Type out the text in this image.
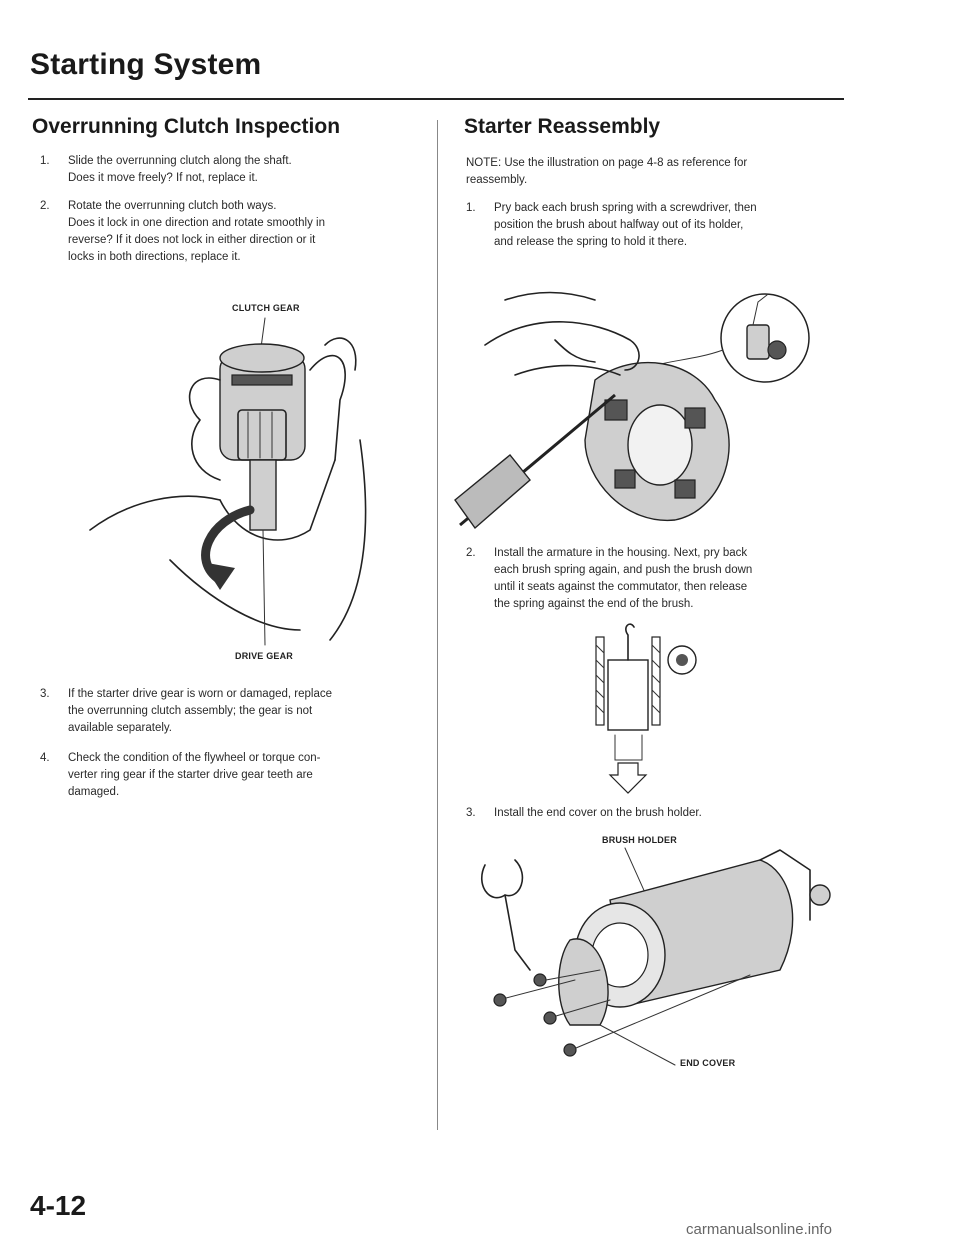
Starting System
Overrunning Clutch Inspection
1. Slide the overrunning clutch along the shaft.
Does it move freely? If not, replace it.
2. Rotate the overrunning clutch both ways.
Does it lock in one direction and rotate smoothly in
reverse? If it does not lock in either direction or it
locks in both directions, replace it.
CLUTCH GEAR
DRIVE GEAR
3. If the starter drive gear is worn or damaged, replace
the overrunning clutch assembly; the gear is not
available separately.
4. Check the condition of the flywheel or torque con-
verter ring gear if the starter drive gear teeth are
damaged.
Starter Reassembly
NOTE: Use the illustration on page 4-8 as reference for
reassembly.
1. Pry back each brush spring with a screwdriver, then
position the brush about halfway out of its holder,
and release the spring to hold it there.
2. Install the armature in the housing. Next, pry back
each brush spring again, and push the brush down
until it seats against the commutator, then release
the spring against the end of the brush.
3. Install the end cover on the brush holder.
BRUSH HOLDER
END COVER
4-12
carmanualsonline.info
